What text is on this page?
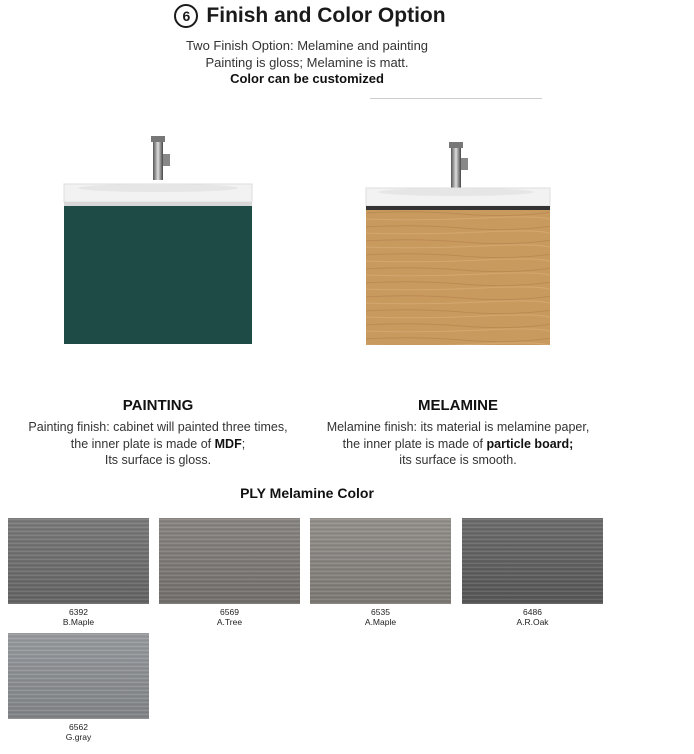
6 Finish and Color Option
Two Finish Option: Melamine and painting
Painting is gloss; Melamine is matt.
Color can be customized
PAINTING
Painting finish: cabinet will painted three times,
the inner plate is made of MDF;
Its surface is gloss.
MELAMINE
Melamine finish: its material is melamine paper,
the inner plate is made of particle board;
its surface is smooth.
PLY Melamine Color
6392
B.Maple
6569
A.Tree
6535
A.Maple
6486
A.R.Oak
6562
G.gray
